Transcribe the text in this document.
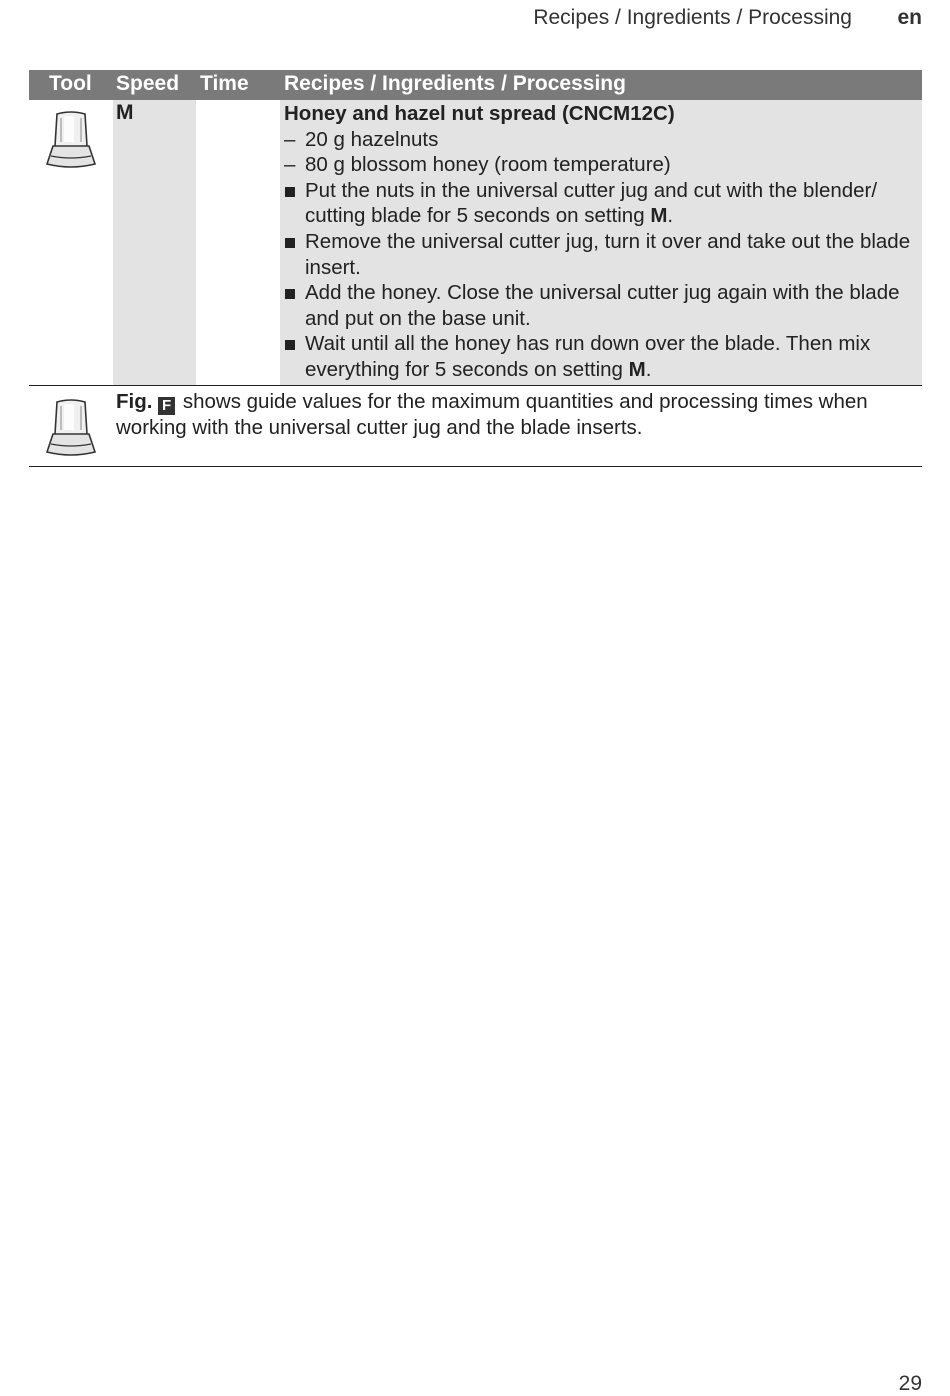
Recipes / Ingredients / Processing en
Tool Speed Time Recipes / Ingredients / Processing
M	Honey and hazel nut spread (CNCM12C)
– 20 g hazelnuts
– 80 g blossom honey (room temperature)
Put the nuts in the universal cutter jug and cut with the blender/ cutting blade for 5 seconds on setting M.
Remove the universal cutter jug, turn it over and take out the blade insert.
Add the honey. Close the universal cutter jug again with the blade and put on the base unit.
Wait until all the honey has run down over the blade. Then mix everything for 5 seconds on setting M.
Fig. F shows guide values for the maximum quantities and processing times when working with the universal cutter jug and the blade inserts.
29
